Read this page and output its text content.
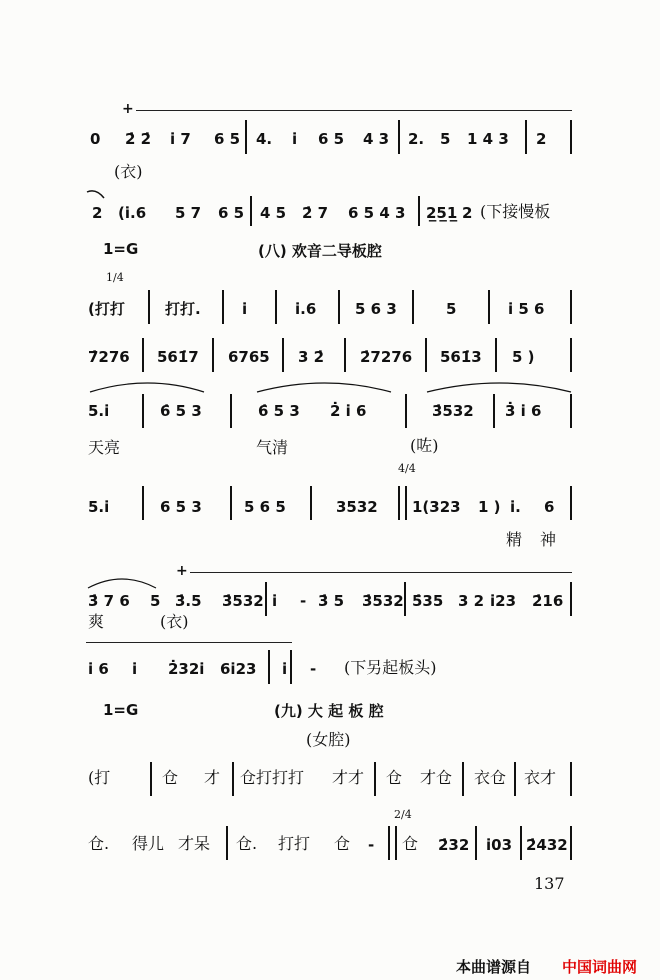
+
0 2̇ 2̇ i̇ 7 6 5 4. i̇ 6 5 4 3 2. 5 1 4 3 2
(衣)
2 (i̇.6 5 7 6 5 4 5 2̇ 7 6 5 4 3 2̲5̲1̲ 2 (下接慢板
1=G	(八) 欢音二导板腔
1/4
(打打	打打.	i̇	i̇.6	5 6 3	5	i̇ 5 6
7̇276 561̇7 6765 3 2̇ 2̇7276 561̇3 5 )
5.i̇	6̇ 5 3	6̇ 5 3 2̇ i̇ 6	3̇532 3̇ i̇ 6
天亮	气清	(咗)
4/4
5.i̇	6 5 3	5 6 5	3532 1(323 1 ) i̇. 6
精 神
+
3̇ 7 6 5 3̇.5 3̇532 i̇ - 3̇ 5 3̇532 5̇35 3 2 i̇23 2̇16
爽	(衣)
i̇ 6 i̇ 2̇32i̇ 6i̇23 i̇ - (下另起板头)
1=G	(九) 大 起 板 腔
(女腔)
(打	仓 才 仓打打打 才才 仓 才仓 衣仓 衣才
2/4
仓. 得儿 才呆 仓. 打打 仓 - 仓 2̇32 i̇03 2̇432
137
本曲谱源自 中国词曲网
